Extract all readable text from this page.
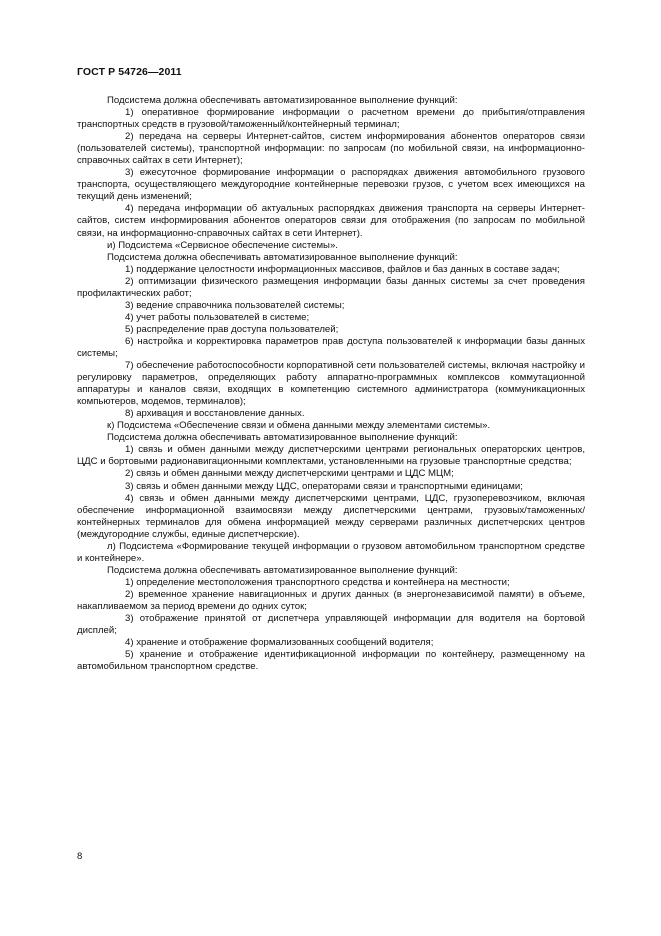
ГОСТ Р 54726—2011

Подсистема должна обеспечивать автоматизированное выполнение функций:

1) оперативное формирование информации о расчетном времени до прибытия/отправления транспортных средств в грузовой/таможенный/контейнерный терминал;

2) передача на серверы Интернет-сайтов, систем информирования абонентов операторов связи (пользователей системы), транспортной информации: по запросам (по мобильной связи, на информационно-справочных сайтах в сети Интернет);

3) ежесуточное формирование информации о распорядках движения автомобильного грузового транспорта, осуществляющего междугородние контейнерные перевозки грузов, с учетом всех имеющихся на текущий день изменений;

4) передача информации об актуальных распорядках движения транспорта на серверы Интернет-сайтов, систем информирования абонентов операторов связи для отображения (по запросам по мобильной связи, на информационно-справочных сайтах в сети Интернет).

и) Подсистема «Сервисное обеспечение системы».

Подсистема должна обеспечивать автоматизированное выполнение функций:

1) поддержание целостности информационных массивов, файлов и баз данных в составе задач;

2) оптимизации физического размещения информации базы данных системы за счет проведения профилактических работ;

3) ведение справочника пользователей системы;

4) учет работы пользователей в системе;

5) распределение прав доступа пользователей;

6) настройка и корректировка параметров прав доступа пользователей к информации базы данных системы;

7) обеспечение работоспособности корпоративной сети пользователей системы, включая настройку и регулировку параметров, определяющих работу аппаратно-программных комплексов коммутационной аппаратуры и каналов связи, входящих в компетенцию системного администратора (коммуникационных компьютеров, модемов, терминалов);

8) архивация и восстановление данных.

к) Подсистема «Обеспечение связи и обмена данными между элементами системы».

Подсистема должна обеспечивать автоматизированное выполнение функций:

1) связь и обмен данными между диспетчерскими центрами региональных операторских центров, ЦДС и бортовыми радионавигационными комплектами, установленными на грузовые транспортные средства;

2) связь и обмен данными между диспетчерскими центрами и ЦДС МЦМ;

3) связь и обмен данными между ЦДС, операторами связи и транспортными единицами;

4) связь и обмен данными между диспетчерскими центрами, ЦДС, грузоперевозчиком, включая обеспечение информационной взаимосвязи между диспетчерскими центрами, грузовых/таможенных/контейнерных терминалов для обмена информацией между серверами различных диспетчерских центров (междугородние службы, единые диспетчерские).

л) Подсистема «Формирование текущей информации о грузовом автомобильном транспортном средстве и контейнере».

Подсистема должна обеспечивать автоматизированное выполнение функций:

1) определение местоположения транспортного средства и контейнера на местности;

2) временное хранение навигационных и других данных (в энергонезависимой памяти) в объеме, накапливаемом за период времени до одних суток;

3) отображение принятой от диспетчера управляющей информации для водителя на бортовой дисплей;

4) хранение и отображение формализованных сообщений водителя;

5) хранение и отображение идентификационной информации по контейнеру, размещенному на автомобильном транспортном средстве.

8
